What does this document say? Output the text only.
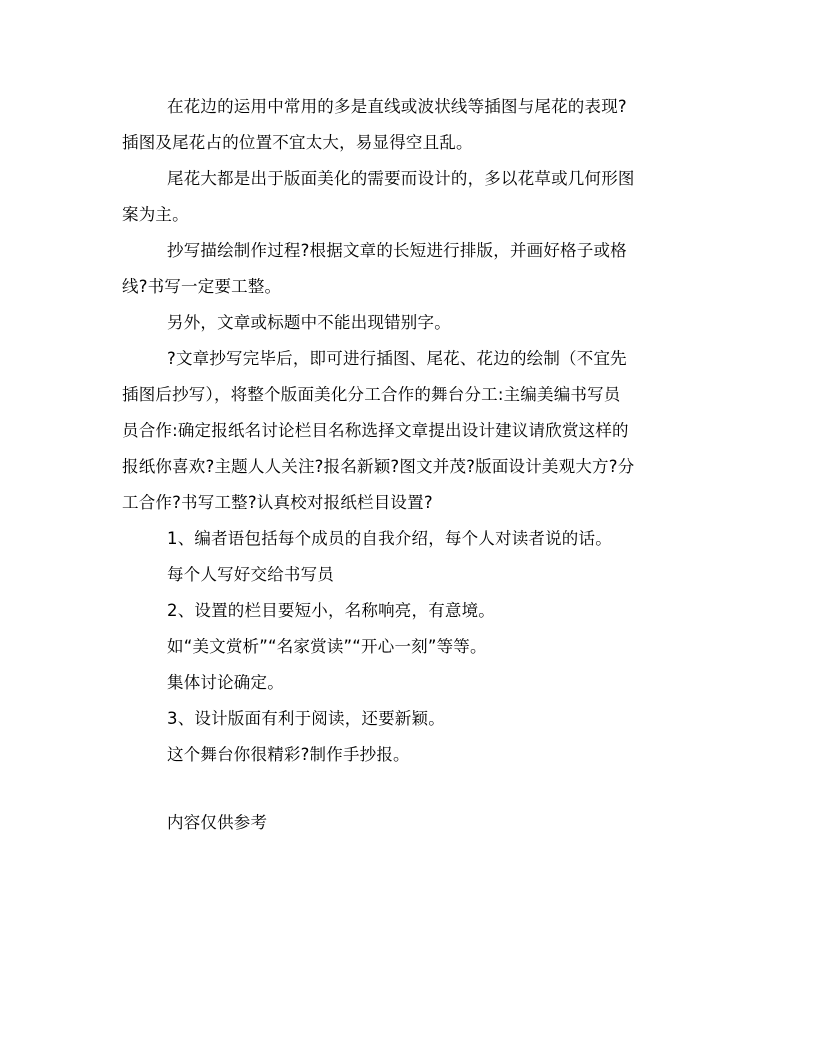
在花边的运用中常用的多是直线或波状线等插图与尾花的表现?
插图及尾花占的位置不宜太大，易显得空且乱。
尾花大都是出于版面美化的需要而设计的，多以花草或几何形图
案为主。
抄写描绘制作过程?根据文章的长短进行排版，并画好格子或格
线?书写一定要工整。
另外，文章或标题中不能出现错别字。
?文章抄写完毕后，即可进行插图、尾花、花边的绘制（不宜先
插图后抄写），将整个版面美化分工合作的舞台分工:主编美编书写员
员合作:确定报纸名讨论栏目名称选择文章提出设计建议请欣赏这样的
报纸你喜欢?主题人人关注?报名新颖?图文并茂?版面设计美观大方?分
工合作?书写工整?认真校对报纸栏目设置?
1、编者语包括每个成员的自我介绍，每个人对读者说的话。
每个人写好交给书写员
2、设置的栏目要短小，名称响亮，有意境。
如“美文赏析”“名家赏读”“开心一刻”等等。
集体讨论确定。
3、设计版面有利于阅读，还要新颖。
这个舞台你很精彩?制作手抄报。
内容仅供参考
